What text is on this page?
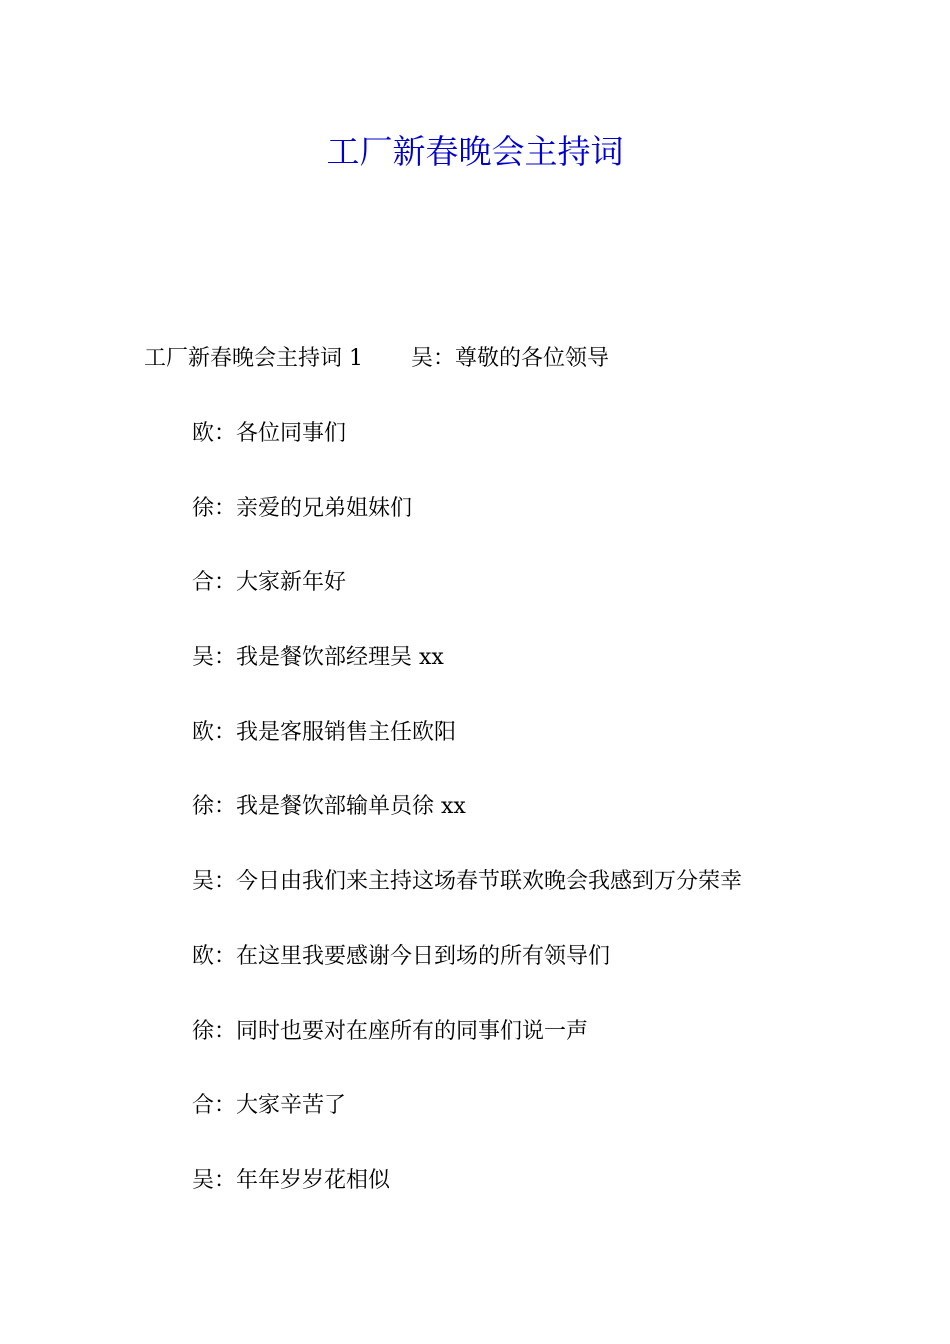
工厂新春晚会主持词
工厂新春晚会主持词 1 吴：尊敬的各位领导
欧：各位同事们
徐：亲爱的兄弟姐妹们
合：大家新年好
吴：我是餐饮部经理吴 xx
欧：我是客服销售主任欧阳
徐：我是餐饮部输单员徐 xx
吴：今日由我们来主持这场春节联欢晚会我感到万分荣幸
欧：在这里我要感谢今日到场的所有领导们
徐：同时也要对在座所有的同事们说一声
合：大家辛苦了
吴：年年岁岁花相似
